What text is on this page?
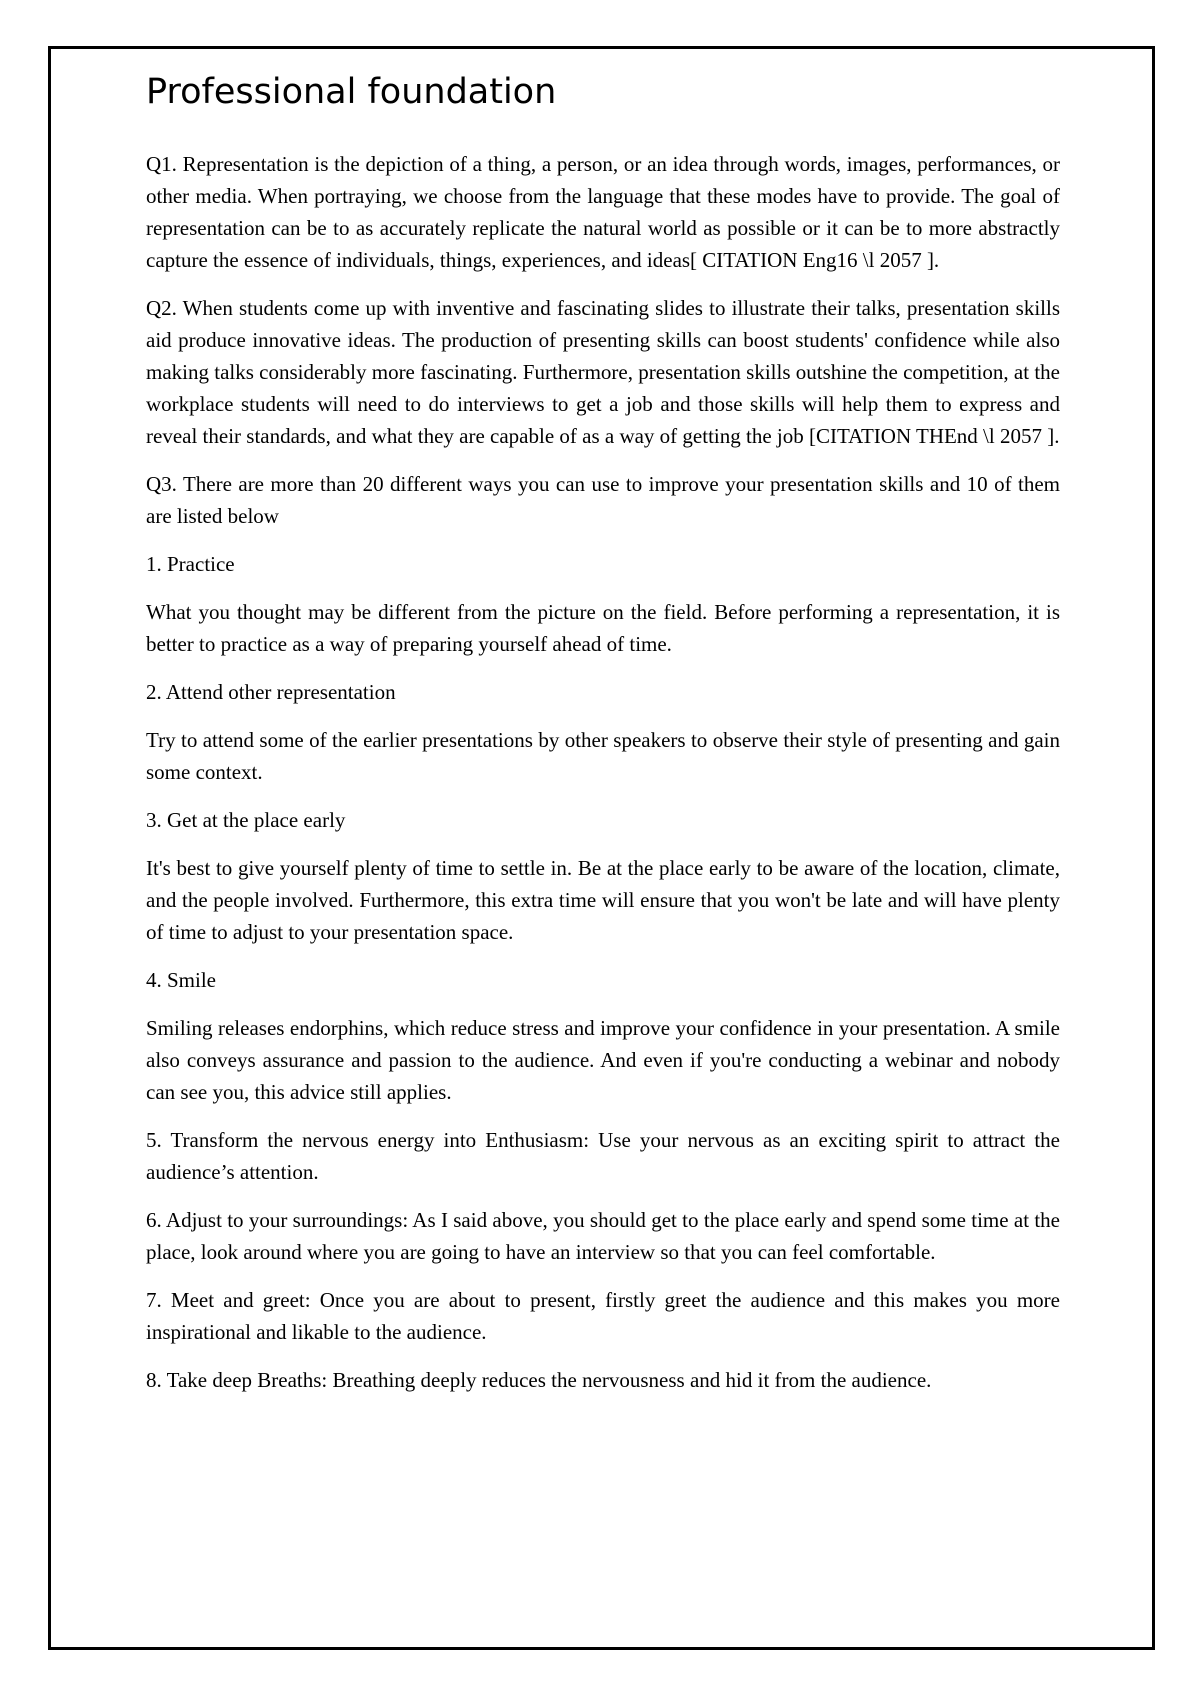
Professional foundation

Q1. Representation is the depiction of a thing, a person, or an idea through words, images, performances, or other media. When portraying, we choose from the language that these modes have to provide. The goal of representation can be to as accurately replicate the natural world as possible or it can be to more abstractly capture the essence of individuals, things, experiences, and ideas[ CITATION Eng16 \l 2057 ].

Q2. When students come up with inventive and fascinating slides to illustrate their talks, presentation skills aid produce innovative ideas. The production of presenting skills can boost students' confidence while also making talks considerably more fascinating. Furthermore, presentation skills outshine the competition, at the workplace students will need to do interviews to get a job and those skills will help them to express and reveal their standards, and what they are capable of as a way of getting the job [CITATION THEnd \l 2057 ].

Q3. There are more than 20 different ways you can use to improve your presentation skills and 10 of them are listed below

1. Practice

What you thought may be different from the picture on the field. Before performing a representation, it is better to practice as a way of preparing yourself ahead of time.

2. Attend other representation

Try to attend some of the earlier presentations by other speakers to observe their style of presenting and gain some context.

3. Get at the place early

It's best to give yourself plenty of time to settle in. Be at the place early to be aware of the location, climate, and the people involved. Furthermore, this extra time will ensure that you won't be late and will have plenty of time to adjust to your presentation space.

4. Smile

Smiling releases endorphins, which reduce stress and improve your confidence in your presentation. A smile also conveys assurance and passion to the audience. And even if you're conducting a webinar and nobody can see you, this advice still applies.

5. Transform the nervous energy into Enthusiasm: Use your nervous as an exciting spirit to attract the audience’s attention.

6. Adjust to your surroundings: As I said above, you should get to the place early and spend some time at the place, look around where you are going to have an interview so that you can feel comfortable.

7. Meet and greet: Once you are about to present, firstly greet the audience and this makes you more inspirational and likable to the audience.

8. Take deep Breaths: Breathing deeply reduces the nervousness and hid it from the audience.
